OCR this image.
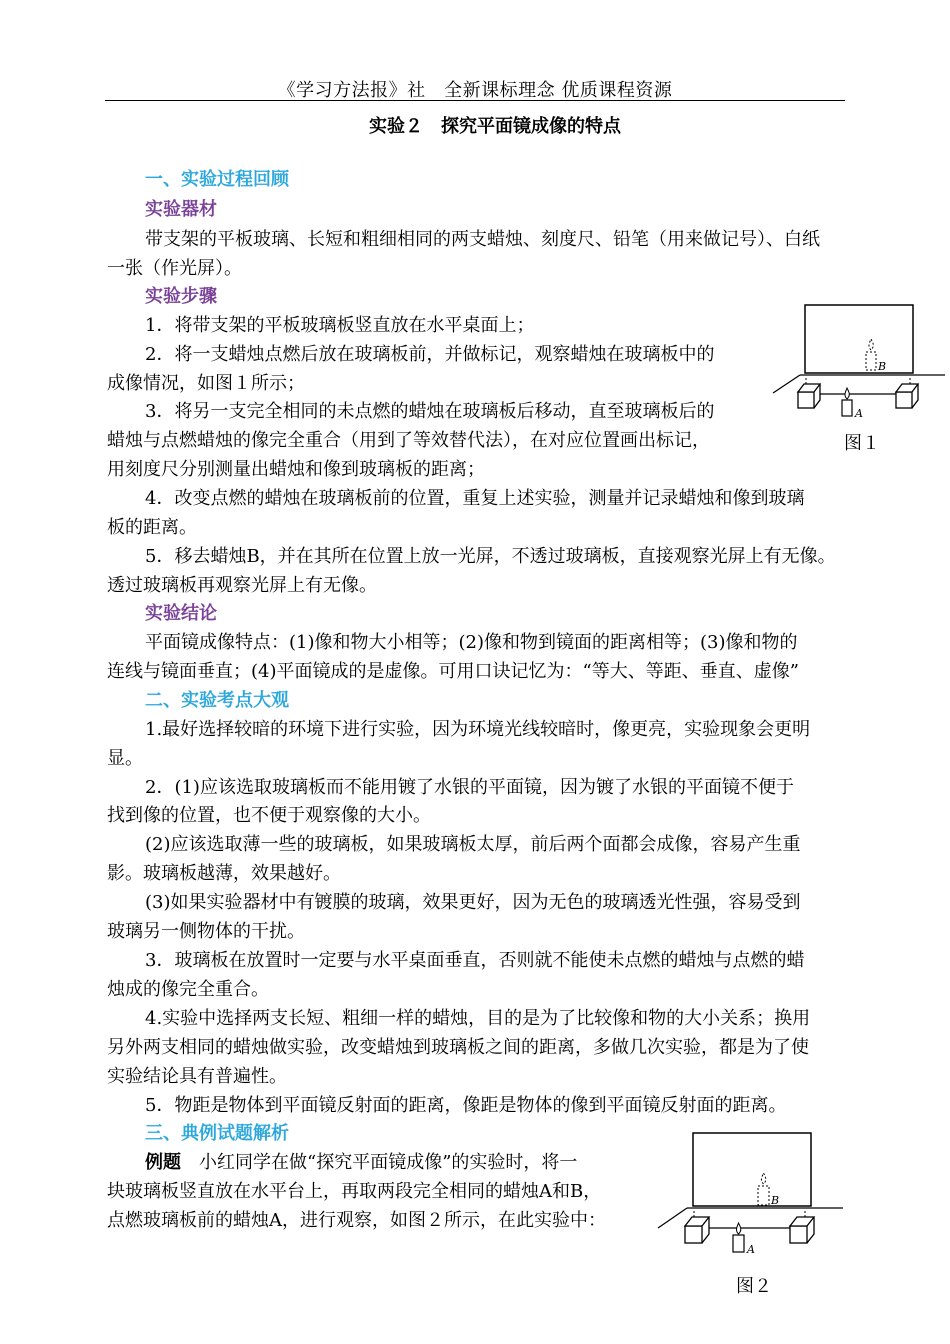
《学习方法报》社　全新课标理念 优质课程资源
实验２　探究平面镜成像的特点
一、实验过程回顾
实验器材
带支架的平板玻璃、长短和粗细相同的两支蜡烛、刻度尺、铅笔（用来做记号）、白纸
一张（作光屏）。
实验步骤
1．将带支架的平板玻璃板竖直放在水平桌面上；
2．将一支蜡烛点燃后放在玻璃板前，并做标记，观察蜡烛在玻璃板中的
成像情况，如图１所示；
3．将另一支完全相同的未点燃的蜡烛在玻璃板后移动，直至玻璃板后的
蜡烛与点燃蜡烛的像完全重合（用到了等效替代法），在对应位置画出标记，
用刻度尺分别测量出蜡烛和像到玻璃板的距离；
4．改变点燃的蜡烛在玻璃板前的位置，重复上述实验，测量并记录蜡烛和像到玻璃
板的距离。
5．移去蜡烛B，并在其所在位置上放一光屏，不透过玻璃板，直接观察光屏上有无像。
透过玻璃板再观察光屏上有无像。
实验结论
平面镜成像特点：(1)像和物大小相等；(2)像和物到镜面的距离相等；(3)像和物的
连线与镜面垂直；(4)平面镜成的是虚像。可用口诀记忆为：“等大、等距、垂直、虚像”
二、实验考点大观
1.最好选择较暗的环境下进行实验，因为环境光线较暗时，像更亮，实验现象会更明
显。
2．(1)应该选取玻璃板而不能用镀了水银的平面镜，因为镀了水银的平面镜不便于
找到像的位置，也不便于观察像的大小。
(2)应该选取薄一些的玻璃板，如果玻璃板太厚，前后两个面都会成像，容易产生重
影。玻璃板越薄，效果越好。
(3)如果实验器材中有镀膜的玻璃，效果更好，因为无色的玻璃透光性强，容易受到
玻璃另一侧物体的干扰。
3．玻璃板在放置时一定要与水平桌面垂直，否则就不能使未点燃的蜡烛与点燃的蜡
烛成的像完全重合。
4.实验中选择两支长短、粗细一样的蜡烛，目的是为了比较像和物的大小关系；换用
另外两支相同的蜡烛做实验，改变蜡烛到玻璃板之间的距离，多做几次实验，都是为了使
实验结论具有普遍性。
5．物距是物体到平面镜反射面的距离，像距是物体的像到平面镜反射面的距离。
三、典例试题解析
例题　小红同学在做“探究平面镜成像”的实验时，将一
块玻璃板竖直放在水平台上，再取两段完全相同的蜡烛A和B，
点燃玻璃板前的蜡烛A，进行观察，如图２所示，在此实验中：
A
B
图１
A
B
图２
